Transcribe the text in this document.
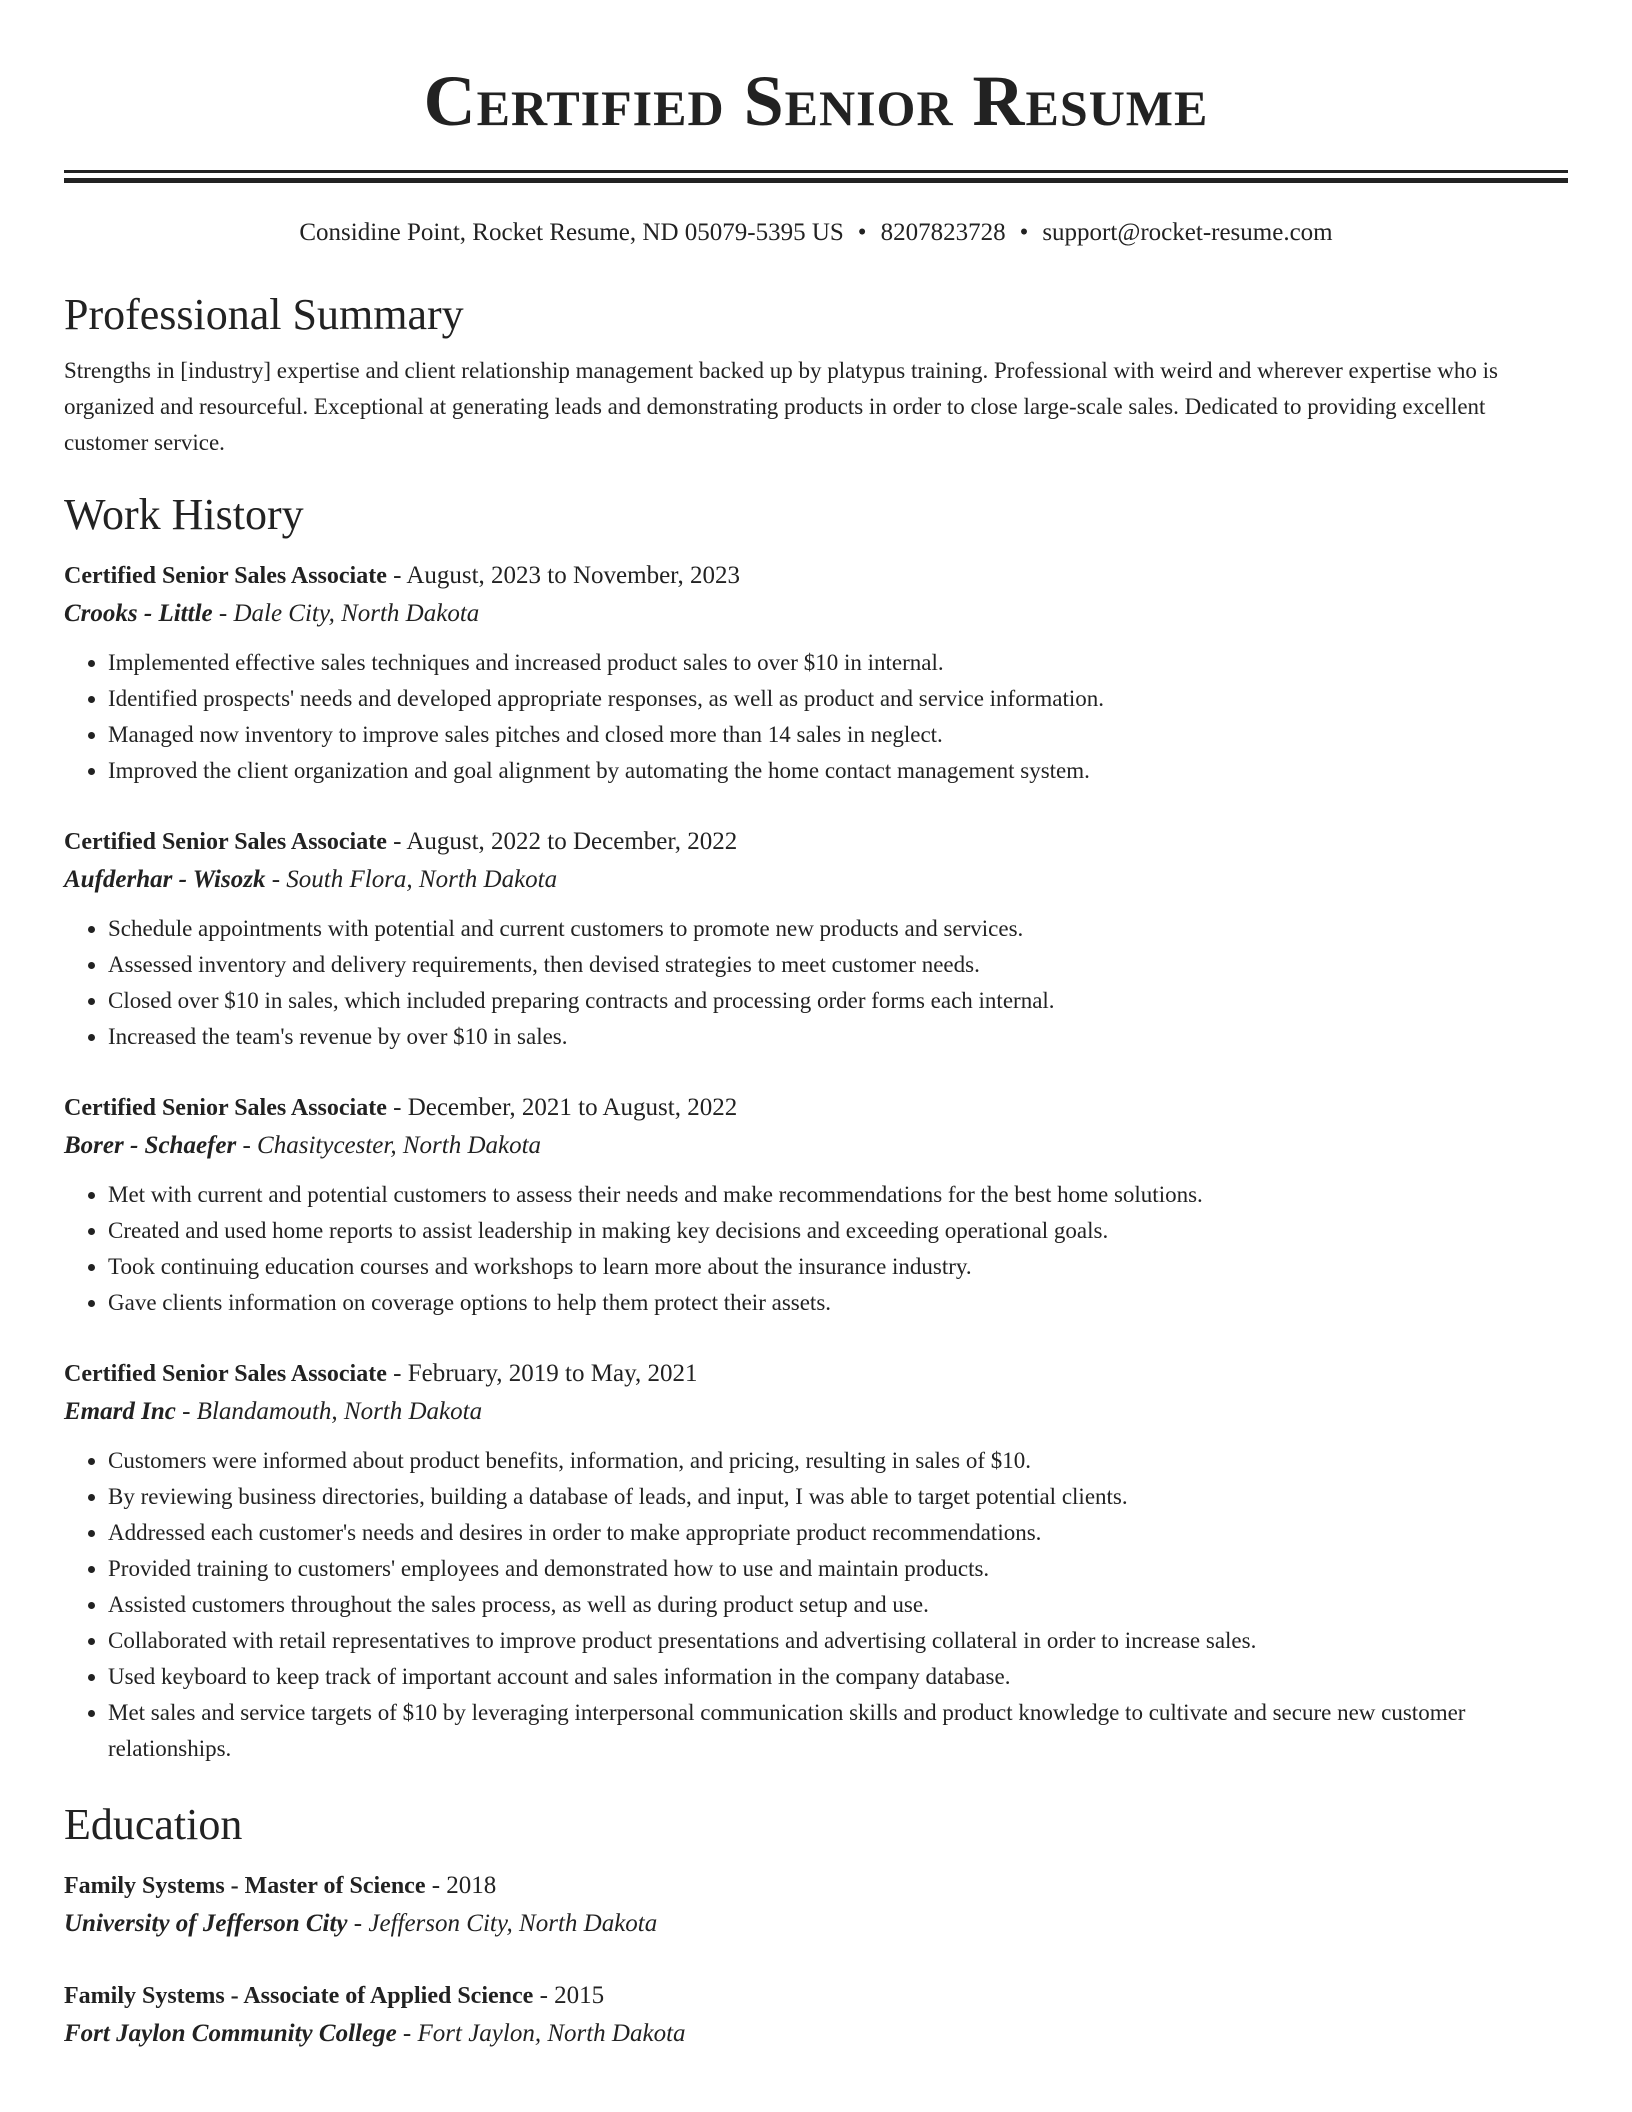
Certified Senior Resume
Considine Point, Rocket Resume, ND 05079-5395 US • 8207823728 • support@rocket-resume.com
Professional Summary
Strengths in [industry] expertise and client relationship management backed up by platypus training. Professional with weird and wherever expertise who is organized and resourceful. Exceptional at generating leads and demonstrating products in order to close large-scale sales. Dedicated to providing excellent customer service.
Work History
Certified Senior Sales Associate - August, 2023 to November, 2023
Crooks - Little - Dale City, North Dakota
• Implemented effective sales techniques and increased product sales to over $10 in internal.
• Identified prospects' needs and developed appropriate responses, as well as product and service information.
• Managed now inventory to improve sales pitches and closed more than 14 sales in neglect.
• Improved the client organization and goal alignment by automating the home contact management system.
Certified Senior Sales Associate - August, 2022 to December, 2022
Aufderhar - Wisozk - South Flora, North Dakota
• Schedule appointments with potential and current customers to promote new products and services.
• Assessed inventory and delivery requirements, then devised strategies to meet customer needs.
• Closed over $10 in sales, which included preparing contracts and processing order forms each internal.
• Increased the team's revenue by over $10 in sales.
Certified Senior Sales Associate - December, 2021 to August, 2022
Borer - Schaefer - Chasitycester, North Dakota
• Met with current and potential customers to assess their needs and make recommendations for the best home solutions.
• Created and used home reports to assist leadership in making key decisions and exceeding operational goals.
• Took continuing education courses and workshops to learn more about the insurance industry.
• Gave clients information on coverage options to help them protect their assets.
Certified Senior Sales Associate - February, 2019 to May, 2021
Emard Inc - Blandamouth, North Dakota
• Customers were informed about product benefits, information, and pricing, resulting in sales of $10.
• By reviewing business directories, building a database of leads, and input, I was able to target potential clients.
• Addressed each customer's needs and desires in order to make appropriate product recommendations.
• Provided training to customers' employees and demonstrated how to use and maintain products.
• Assisted customers throughout the sales process, as well as during product setup and use.
• Collaborated with retail representatives to improve product presentations and advertising collateral in order to increase sales.
• Used keyboard to keep track of important account and sales information in the company database.
• Met sales and service targets of $10 by leveraging interpersonal communication skills and product knowledge to cultivate and secure new customer relationships.
Education
Family Systems - Master of Science - 2018
University of Jefferson City - Jefferson City, North Dakota
Family Systems - Associate of Applied Science - 2015
Fort Jaylon Community College - Fort Jaylon, North Dakota
